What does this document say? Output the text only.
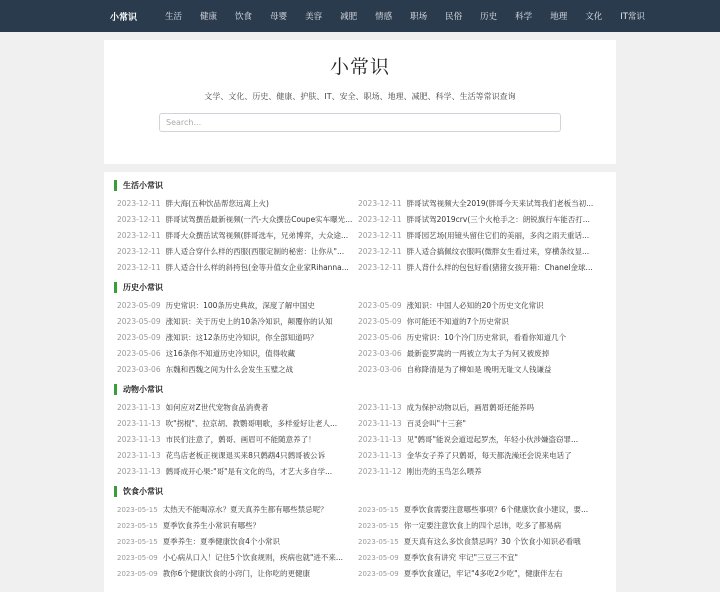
小常识	生活 健康 饮食 母婴 美容 减肥 情感 职场 民俗 历史 科学 地理 文化 IT常识
小常识

文学、文化、历史、健康、护肤、IT、安全、职场、地理、减肥、科学、生活等常识查询

Search...
生活小常识
2023-12-11 胖大海(五种饮品帮您远离上火)	2023-12-11 胖哥试驾视频大全2019(胖哥今天来试驾我们老板当初...
2023-12-11 胖哥试驾撰岳最新视频(一汽-大众撰岳Coupe实车曝光... 2023-12-11 胖哥试驾2019crv(三个火枪手之：朗锐旗行车能否打...
2023-12-11 胖哥大众撰岳试驾视频(胖哥选车，兄弟博弈，大众途...	2023-12-11 胖哥园艺场(用镜头留住它们的美丽，多肉之雨天重话...
2023-12-11 胖人适合穿什么样的西服(西服定制的秘密：让你从"...	2023-12-11 胖人适合搞佩纹衣服吗(微胖女生看过来，穿横条纹显...
2023-12-11 胖人适合什么样的斜挎包(金等升值女企业家Rihanna...	2023-12-11 胖人背什么样的包包好看(猪猪女孩开箱：Chanel金球...
历史小常识
2023-05-09 历史常识：100条历史典故，深度了解中国史	2023-05-09 涨知识：中国人必知的20个历史文化常识
2023-05-09 涨知识：关于历史上的10条冷知识，颠覆你的认知	2023-05-09 你可能还不知道的7个历史常识
2023-05-09 涨知识：这12条历史冷知识，你全部知道吗？	2023-05-06 历史常识：10个冷门历史常识，看看你知道几个
2023-05-06 这16条你不知道历史冷知识，值得收藏	2023-03-06 最新瓷罗嵩的一两被立为太子为何又被废掉
2023-03-06 东魏和西魏之间为什么会发生玉璧之战	2023-03-06 自称降清是为了柳如是 晚明无耻文人钱谦益
动物小常识
2023-11-13 如何应对Z世代宠物食品消费者	2023-11-13 成为保护动物以后，画眉鹩哥还能养吗
2023-11-13 吹"拐棍"、拉京胡、教鹦哥唱歌，多样爱好让老人...	2023-11-13 百灵会叫"十三套"
2023-11-13 市民们注意了，鹩哥、画眉可不能随意养了！	2023-11-13 见"鹩哥"能说会道逗起罗杰，年轻小伙涉嫌盗窃罪...
2023-11-13 花鸟店老板正视课退买来8只鹩鹉4只鹩哥被公诉	2023-11-13 金华女子养了只鹩哥，每天都洗澡还会说来电话了
2023-11-13 鹩哥成开心果:"哥"是有文化的鸟，才艺大多自学...	2023-11-12 刚出壳的玉鸟怎么喂养
饮食小常识
2023-05-15 太热天不能喝凉水？夏天真养生都有哪些禁忌呢？	2023-05-15 夏季饮食需要注意哪些事项？6个健康饮食小建议，要...
2023-05-15 夏季饮食养生小常识有哪些？	2023-05-15 你一定要注意饮食上的四个忌讳，吃多了都易病
2023-05-15 夏季养生：夏季健康饮食4个小常识	2023-05-15 夏天真有这么多饮食禁忌吗？30 个饮食小知识必看哦
2023-05-09 小心病从口入！记住5个饮食规则，疾病也就"进不来...	2023-05-09 夏季饮食有讲究 牢记"三豆三不宜"
2023-05-09 教你6个健康饮食的小窍门，让你吃的更健康	2023-05-09 夏季饮食谨记，牢记"4多吃2少吃"，健康伴左右
